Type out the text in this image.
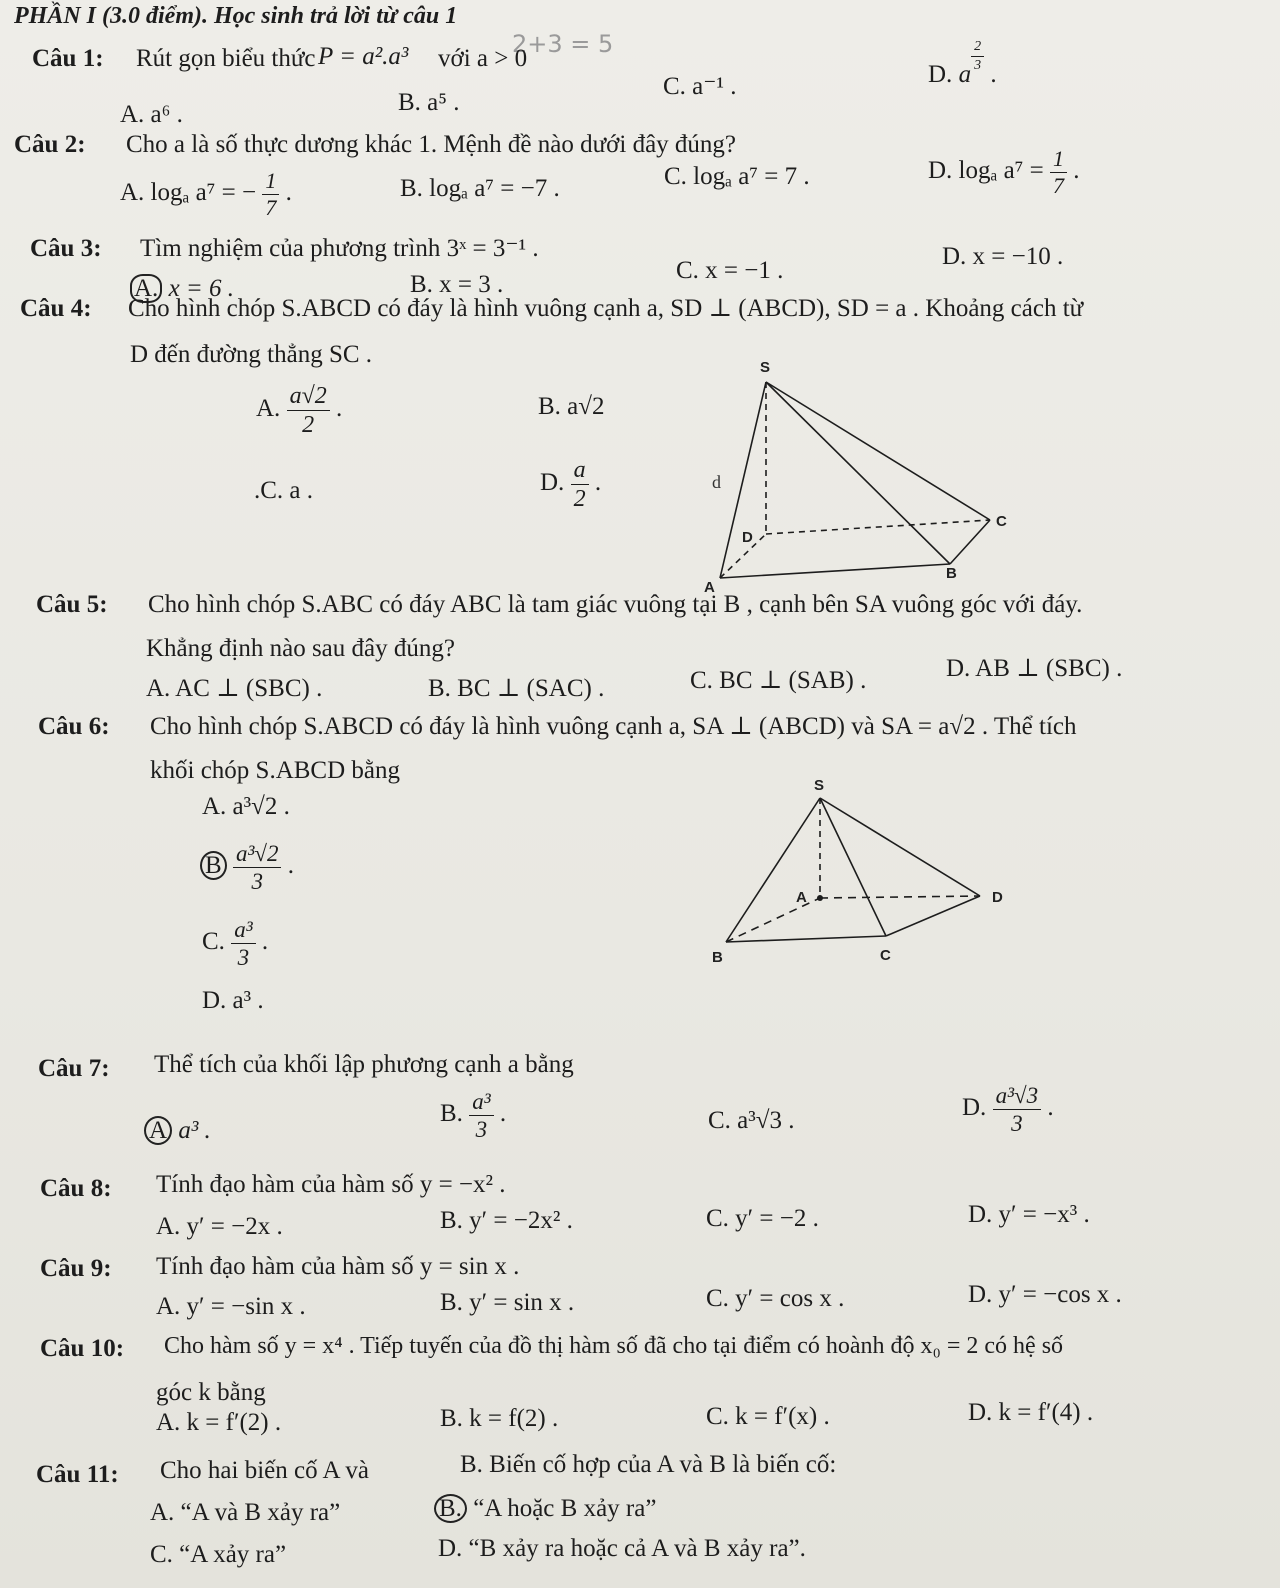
PHẦN I (3.0 điểm). Học sinh trả lời từ câu 1
2+3 = 5
Câu 1: Rút gọn biểu thức P = a².a³ với a > 0
A. a⁶ .	B. a⁵ .
C. a⁻¹ .	D. a
$\frac{2}{3}$
.
Câu 2: Cho a là số thực dương khác 1. Mệnh đề nào dưới đây đúng?
A. logₐ a⁷ = − $\frac{1}{7}$ .	B. logₐ a⁷ = −7 .	C. logₐ a⁷ = 7 .	D. logₐ $a^7 = \frac{1}{7}$ .
Câu 3: Tìm nghiệm của phương trình 3ˣ = 3⁻¹ .
A. x = 6 .	B. x = 3 .
C. x = −1 .
D. x = −10 .
Câu 4: Cho hình chóp S.ABCD có đáy là hình vuông cạnh a, SD ⊥ (ABCD), SD = a . Khoảng cách từ
D đến đường thẳng SC .
A. $\frac{a√2}{2}$ .	B. a√2
.C. a .	D. $\frac{a}{2}$ .
S
A
B
C
D
d
Câu 5: Cho hình chóp S.ABC có đáy ABC là tam giác vuông tại B , cạnh bên SA vuông góc với đáy.
Khẳng định nào sau đây đúng?
A. AC ⊥ (SBC) .	B. BC ⊥ (SAC) .	C. BC ⊥ (SAB) .	D. AB ⊥ (SBC) .
Câu 6: Cho hình chóp S.ABCD có đáy là hình vuông cạnh a, SA ⊥ (ABCD) và SA = a√2 . Thể tích
khối chóp S.ABCD bằng
A. a³√2 .
B $\frac{\text{a³√2}}{3}$ .
C. $\frac{\text{a³}}{3}$ .
D. a³ .
S
A
B	C
D
Câu 7: Thể tích của khối lập phương cạnh a bằng
A a³ .
B. $\frac{\text{a³}}{3}$ .	C. a³√3 .	D. $\frac{\text{a³√3}}{3}$ .
Câu 8: Tính đạo hàm của hàm số y = −x² .
A. y′ = −2x .	B. y′ = −2x² .	C. y′ = −2 .	D. y′ = −x³ .
Câu 9: Tính đạo hàm của hàm số y = sin x .
A. y′ = −sin x .	B. y′ = sin x .	C. y′ = cos x .	D. y′ = −cos x .
Câu 10: Cho hàm số y = x⁴ . Tiếp tuyến của đồ thị hàm số đã cho tại điểm có hoành độ x₀ = 2 có hệ số
góc k bằng
A. k = f′(2) .	B. k = f(2) .	C. k = f′(x) .	D. k = f′(4) .
Câu 11: Cho hai biến cố A và	B. Biến cố hợp của A và B là biến cố:
A. “A và B xảy ra”	B. “A hoặc B xảy ra”
C. “A xảy ra”	D. “B xảy ra hoặc cả A và B xảy ra”.
